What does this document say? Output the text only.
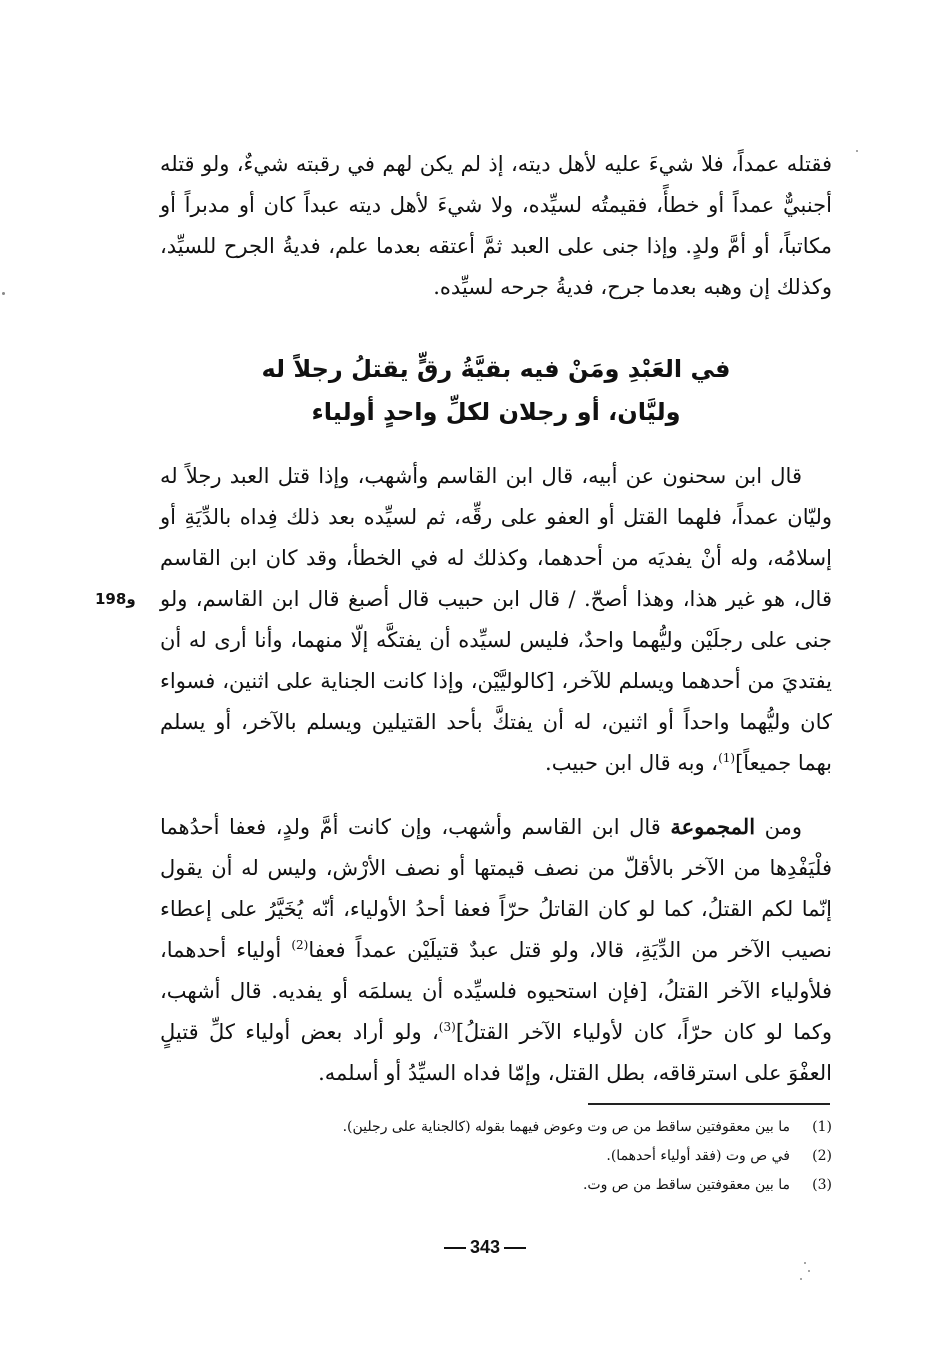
فقتله عمداً، فلا شيءَ عليه لأهل ديته، إذ لم يكن لهم في رقبته شيءٌ، ولو قتله أجنبيٌّ عمداً أو خطأً، فقيمتُه لسيِّده، ولا شيءَ لأهل ديته عبداً كان أو مدبراً أو مكاتباً، أو أمَّ ولدٍ. وإذا جنى على العبد ثمَّ أعتقه بعدما علم، فديةُ الجرح للسيِّد، وكذلك إن وهبه بعدما جرح، فديةُ جرحه لسيِّده.

في العَبْدِ ومَنْ فيه بقيَّةُ رقٍّ يقتلُ رجلاً له
وليَّان، أو رجلان لكلِّ واحدٍ أولياء
198و

قال ابن سحنون عن أبيه، قال ابن القاسم وأشهب، وإذا قتل العبد رجلاً له وليّان عمداً، فلهما القتل أو العفو على رقِّه، ثم لسيِّده بعد ذلك فِداه بالدِّيَةِ أو إسلامُه، وله أنْ يفديَه من أحدهما، وكذلك له في الخطأ، وقد كان ابن القاسم قال، هو غير هذا، وهذا أصحّ. / قال ابن حبيب قال أصبغ قال ابن القاسم، ولو جنى على رجلَيْن وليُّهما واحدٌ، فليس لسيِّده أن يفتكَّه إلّا منهما، وأنا أرى له أن يفتديَ من أحدهما ويسلم للآخر، [كالوليَّيْن، وإذا كانت الجناية على اثنين، فسواء كان وليُّهما واحداً أو اثنين، له أن يفتكَّ بأحد القتيلين ويسلم بالآخر، أو يسلم بهما جميعاً]$^{(1)}$، وبه قال ابن حبيب.

ومن المجموعة قال ابن القاسم وأشهب، وإن كانت أمَّ ولدٍ، فعفا أحدُهما فلْيَفْدِها من الآخر بالأقلّ من نصف قيمتها أو نصف الأرْش، وليس له أن يقول إنّما لكم القتلُ، كما لو كان القاتلُ حرّاً فعفا أحدُ الأولياء، أنّه يُخَيَّرُ على إعطاء نصيب الآخر من الدِّيَةِ، قالا، ولو قتل عبدٌ قتيلَيْن عمداً فعفا$^{(2)}$ أولياء أحدهما، فلأولياء الآخر القتلُ، [فإن استحيوه فلسيِّده أن يسلمَه أو يفديه. قال أشهب، وكما لو كان حرّاً، كان لأولياء الآخر القتلُ]$^{(3)}$، ولو أراد بعض أولياء كلِّ قتيلٍ العفْوَ على استرقاقه، بطل القتل، وإمّا فداه السيِّدُ أو أسلمه.

(1)ما بين معقوفتين ساقط من ص وت وعوض فيهما بقوله (كالجناية على رجلين).
(2)في ص وت (فقد أولياء أحدهما).
(3)ما بين معقوفتين ساقط من ص وت.
343
